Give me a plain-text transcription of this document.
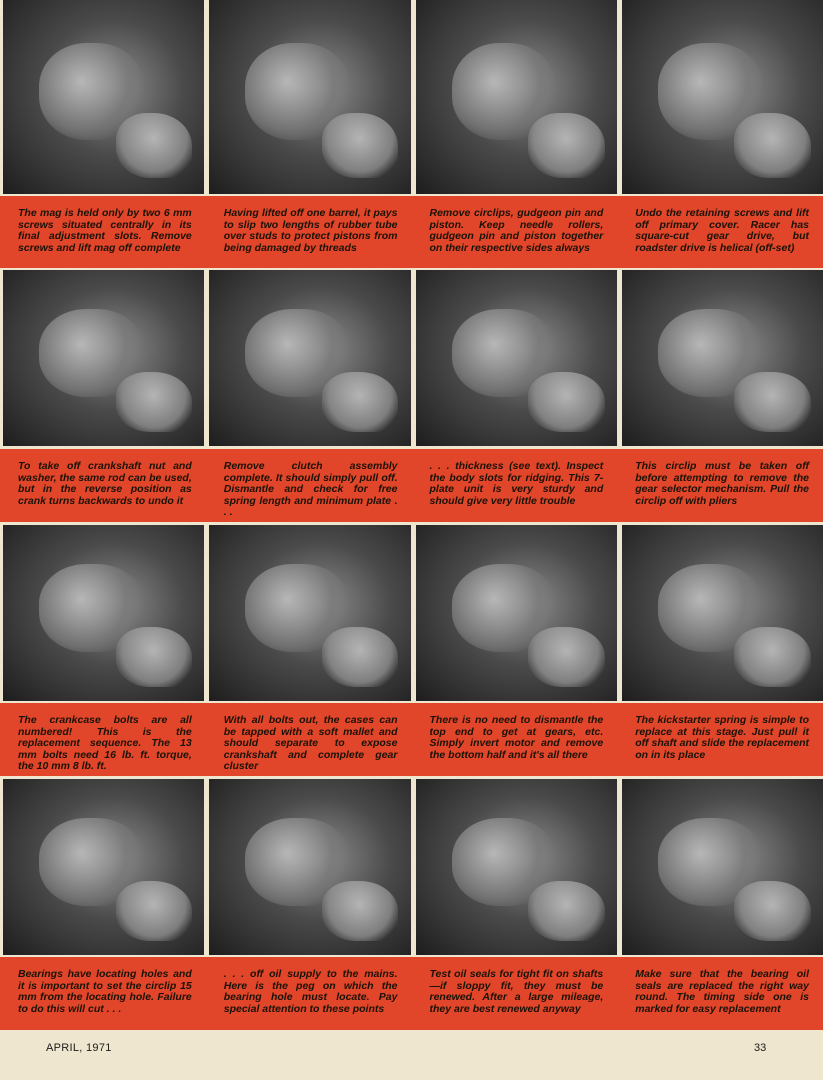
The mag is held only by two 6 mm screws situated centrally in its final adjustment slots. Remove screws and lift mag off complete
Having lifted off one barrel, it pays to slip two lengths of rubber tube over studs to protect pistons from being damaged by threads
Remove circlips, gudgeon pin and piston. Keep needle rollers, gudgeon pin and piston together on their respective sides always
Undo the retaining screws and lift off primary cover. Racer has square-cut gear drive, but roadster drive is helical (off-set)
To take off crankshaft nut and washer, the same rod can be used, but in the reverse position as crank turns backwards to undo it
Remove clutch assembly complete. It should simply pull off. Dismantle and check for free spring length and minimum plate . . .
. . . thickness (see text). Inspect the body slots for ridging. This 7-plate unit is very sturdy and should give very little trouble
This circlip must be taken off before attempting to remove the gear selector mechanism. Pull the circlip off with pliers
The crankcase bolts are all numbered! This is the replacement sequence. The 13 mm bolts need 16 lb. ft. torque, the 10 mm 8 lb. ft.
With all bolts out, the cases can be tapped with a soft mallet and should separate to expose crankshaft and complete gear cluster
There is no need to dismantle the top end to get at gears, etc. Simply invert motor and remove the bottom half and it's all there
The kickstarter spring is simple to replace at this stage. Just pull it off shaft and slide the replacement on in its place
Bearings have locating holes and it is important to set the circlip 15 mm from the locating hole. Failure to do this will cut . . .
. . . off oil supply to the mains. Here is the peg on which the bearing hole must locate. Pay special attention to these points
Test oil seals for tight fit on shafts—if sloppy fit, they must be renewed. After a large mileage, they are best renewed anyway
Make sure that the bearing oil seals are replaced the right way round. The timing side one is marked for easy replacement
APRIL, 1971	33
